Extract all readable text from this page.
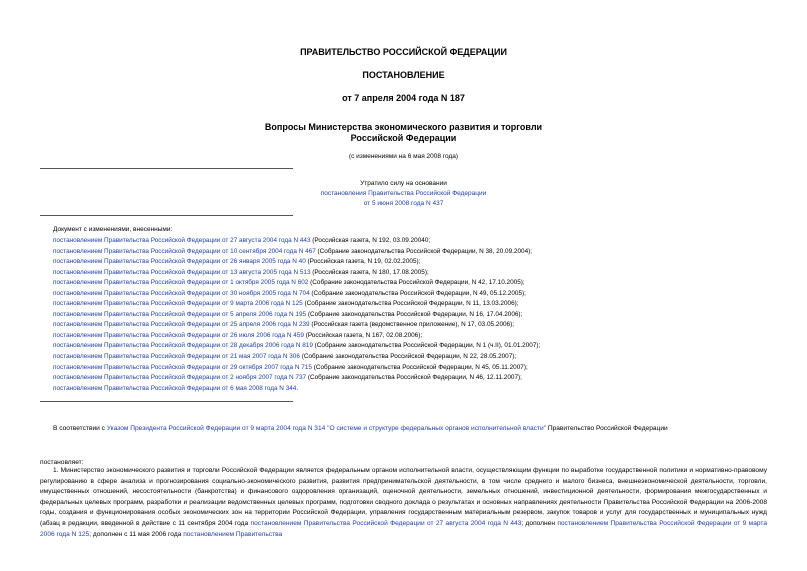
ПРАВИТЕЛЬСТВО РОССИЙСКОЙ ФЕДЕРАЦИИ
ПОСТАНОВЛЕНИЕ
от 7 апреля 2004 года N 187
Вопросы Министерства экономического развития и торговли
Российской Федерации
(с изменениями на 6 мая 2008 года)
Утратило силу на основании
постановления Правительства Российской Федерации
от 5 июня 2008 года N 437
Документ с изменениями, внесенными:
постановлением Правительства Российской Федерации от 27 августа 2004 года N 443 (Российская газета, N 192, 03.09.20040;
постановлением Правительства Российской Федерации от 10 сентября 2004 года N 467 (Собрание законодательства Российской Федерации, N 38, 20.09.2004);
постановлением Правительства Российской Федерации от 26 января 2005 года N 40 (Российская газета, N 19, 02.02.2005);
постановлением Правительства Российской Федерации от 13 августа 2005 года N 513 (Российская газета, N 180, 17.08.2005);
постановлением Правительства Российской Федерации от 1 октября 2005 года N 602 (Собрание законодательства Российской Федерации, N 42, 17.10.2005);
постановлением Правительства Российской Федерации от 30 ноября 2005 года N 704 (Собрание законодательства Российской Федерации, N 49, 05.12.2005);
постановлением Правительства Российской Федерации от 9 марта 2006 года N 125 (Собрание законодательства Российской Федерации, N 11, 13.03.2006);
постановлением Правительства Российской Федерации от 5 апреля 2006 года N 195 (Собрание законодательства Российской Федерации, N 16, 17.04.2006);
постановлением Правительства Российской Федерации от 25 апреля 2006 года N 239 (Российская газета (ведомственное приложение), N 17, 03.05.2006);
постановлением Правительства Российской Федерации от 26 июля 2006 года N 459 (Российская газета, N 167, 02.08.2006);
постановлением Правительства Российской Федерации от 28 декабря 2006 года N 819 (Собрание законодательства Российской Федерации, N 1 (ч.II), 01.01.2007);
постановлением Правительства Российской Федерации от 21 мая 2007 года N 306 (Собрание законодательства Российской Федерации, N 22, 28.05.2007);
постановлением Правительства Российской Федерации от 29 октября 2007 года N 715 (Собрание законодательства Российской Федерации, N 45, 05.11.2007);
постановлением Правительства Российской Федерации от 2 ноября 2007 года N 737 (Собрание законодательства Российской Федерации, N 46, 12.11.2007);
постановлением Правительства Российской Федерации от 6 мая 2008 года N 344.
В соответствии с Указом Президента Российской Федерации от 9 марта 2004 года N 314 "О системе и структуре федеральных органов исполнительной власти" Правительство Российской Федерации
постановляет:

1. Министерство экономического развития и торговли Российской Федерации является федеральным органом исполнительной власти, осуществляющим функции по выработке государственной политики и нормативно-правовому регулированию в сфере анализа и прогнозирования социально-экономического развития, развития предпринимательской деятельности, в том числе среднего и малого бизнеса, внешнеэкономической деятельности, торговли, имущественных отношений, несостоятельности (банкротства) и финансового оздоровления организаций, оценочной деятельности, земельных отношений, инвестиционной деятельности, формирования межгосударственных и федеральных целевых программ, разработки и реализации ведомственных целевых программ, подготовки сводного доклада о результатах и основных направлениях деятельности Правительства Российской Федерации на 2006-2008 годы, создания и функционирования особых экономических зон на территории Российской Федерации, управления государственным материальным резервом, закупок товаров и услуг для государственных и муниципальных нужд (абзац в редакции, введенной в действие с 11 сентября 2004 года постановлением Правительства Российской Федерации от 27 августа 2004 года N 443; дополнен постановлением Правительства Российской Федерации от 9 марта 2006 года N 125; дополнен с 11 мая 2006 года постановлением Правительства
